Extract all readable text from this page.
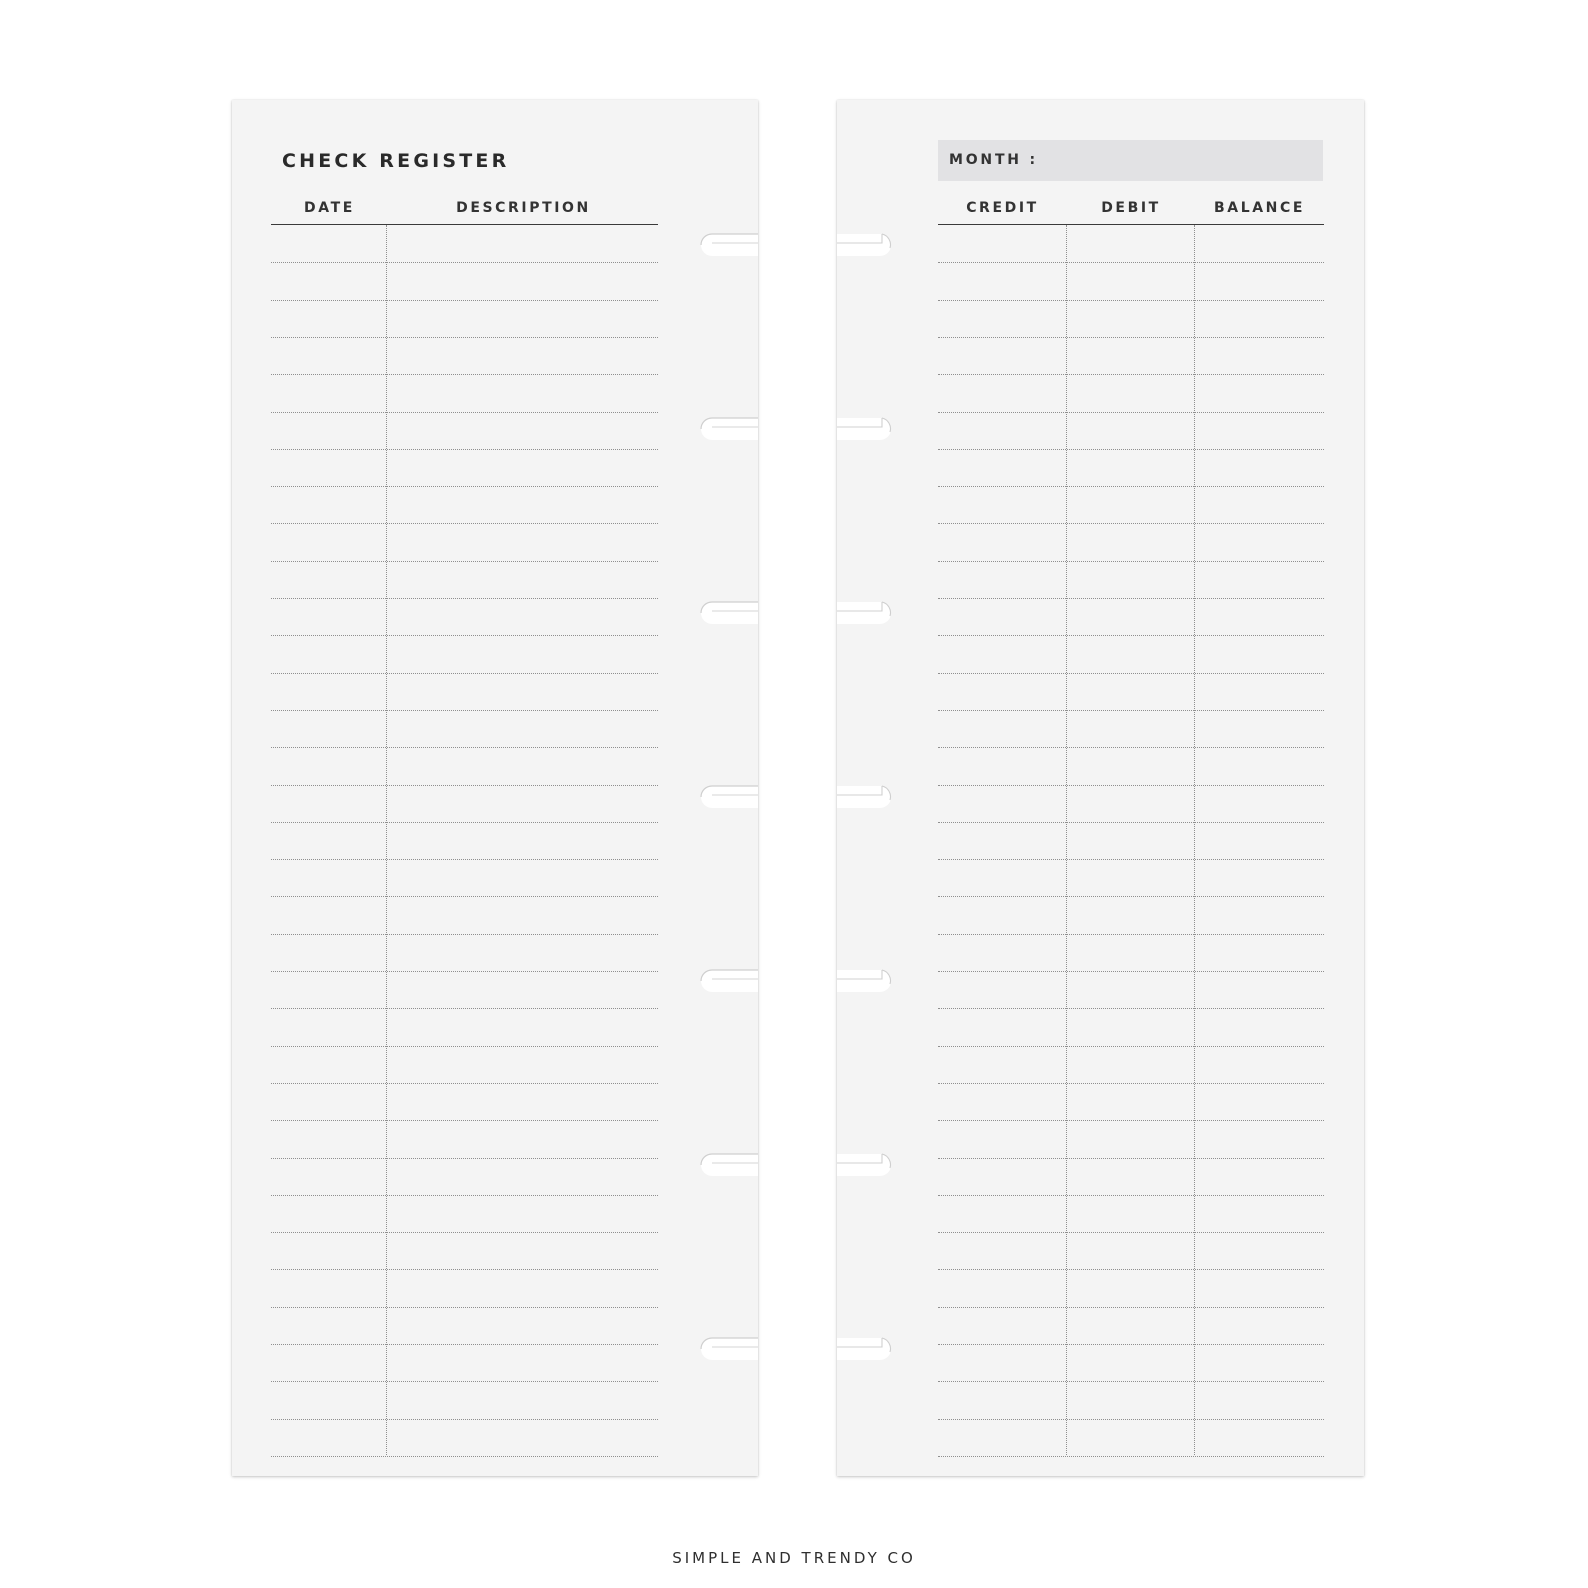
CHECK REGISTER
DATE	DESCRIPTION
MONTH :
CREDIT	DEBIT	BALANCE
SIMPLE AND TRENDY CO
